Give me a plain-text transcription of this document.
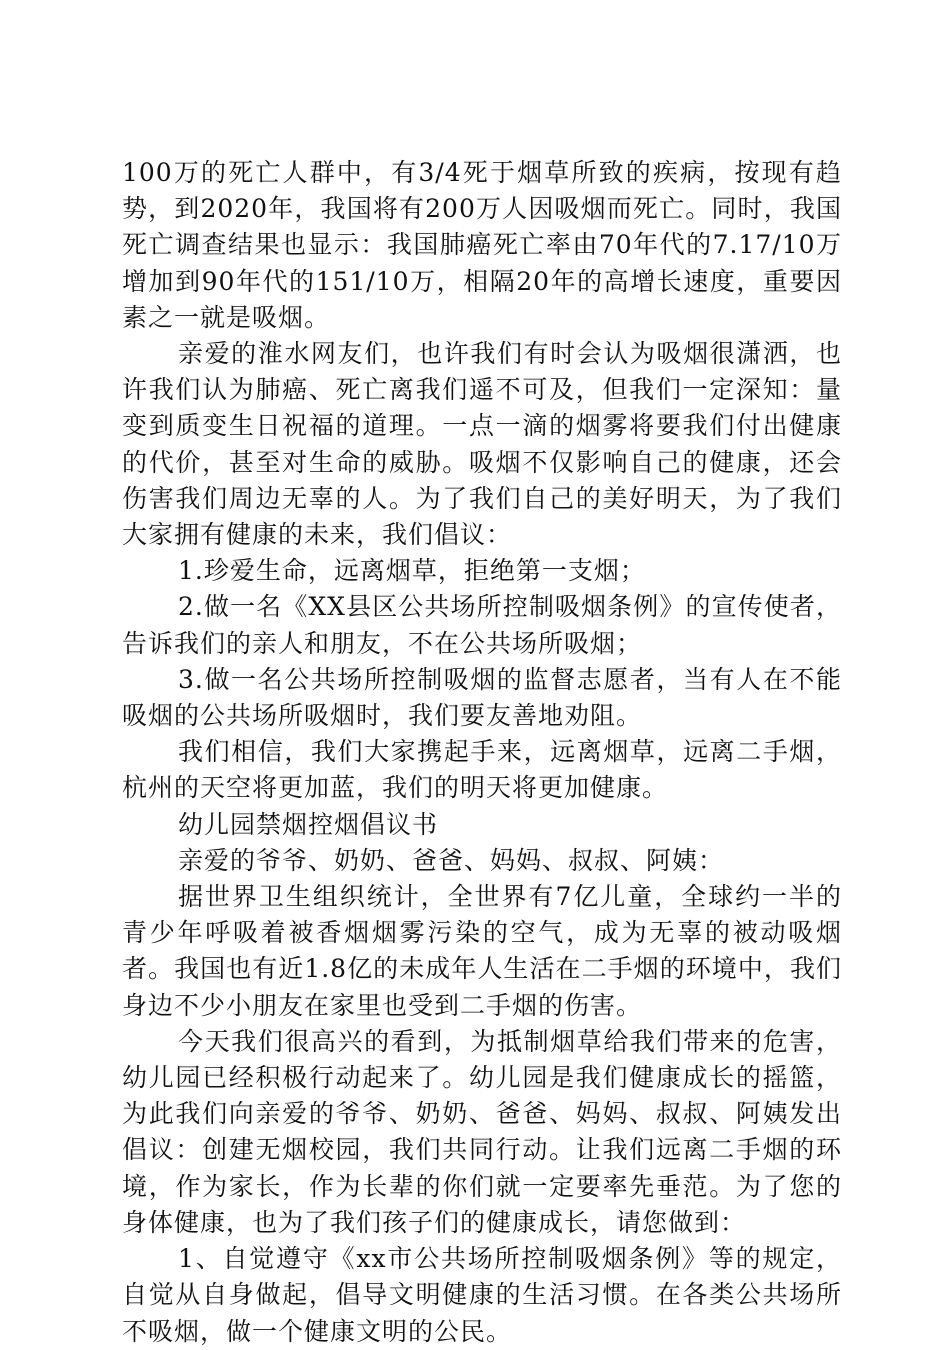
100万的死亡人群中，有3/4死于烟草所致的疾病，按现有趋势，到2020年，我国将有200万人因吸烟而死亡。同时，我国死亡调查结果也显示：我国肺癌死亡率由70年代的7.17/10万增加到90年代的151/10万，相隔20年的高增长速度，重要因素之一就是吸烟。

亲爱的淮水网友们，也许我们有时会认为吸烟很潇洒，也许我们认为肺癌、死亡离我们遥不可及，但我们一定深知：量变到质变生日祝福的道理。一点一滴的烟雾将要我们付出健康的代价，甚至对生命的威胁。吸烟不仅影响自己的健康，还会伤害我们周边无辜的人。为了我们自己的美好明天，为了我们大家拥有健康的未来，我们倡议：

1.珍爱生命，远离烟草，拒绝第一支烟；

2.做一名《XX县区公共场所控制吸烟条例》的宣传使者，告诉我们的亲人和朋友，不在公共场所吸烟；

3.做一名公共场所控制吸烟的监督志愿者，当有人在不能吸烟的公共场所吸烟时，我们要友善地劝阻。

我们相信，我们大家携起手来，远离烟草，远离二手烟，杭州的天空将更加蓝，我们的明天将更加健康。

幼儿园禁烟控烟倡议书

亲爱的爷爷、奶奶、爸爸、妈妈、叔叔、阿姨：

据世界卫生组织统计，全世界有7亿儿童，全球约一半的青少年呼吸着被香烟烟雾污染的空气，成为无辜的被动吸烟者。我国也有近1.8亿的未成年人生活在二手烟的环境中，我们身边不少小朋友在家里也受到二手烟的伤害。

今天我们很高兴的看到，为抵制烟草给我们带来的危害，幼儿园已经积极行动起来了。幼儿园是我们健康成长的摇篮，为此我们向亲爱的爷爷、奶奶、爸爸、妈妈、叔叔、阿姨发出倡议：创建无烟校园，我们共同行动。让我们远离二手烟的环境，作为家长，作为长辈的你们就一定要率先垂范。为了您的身体健康，也为了我们孩子们的健康成长，请您做到：

1、自觉遵守《xx市公共场所控制吸烟条例》等的规定，自觉从自身做起，倡导文明健康的生活习惯。在各类公共场所不吸烟，做一个健康文明的公民。
